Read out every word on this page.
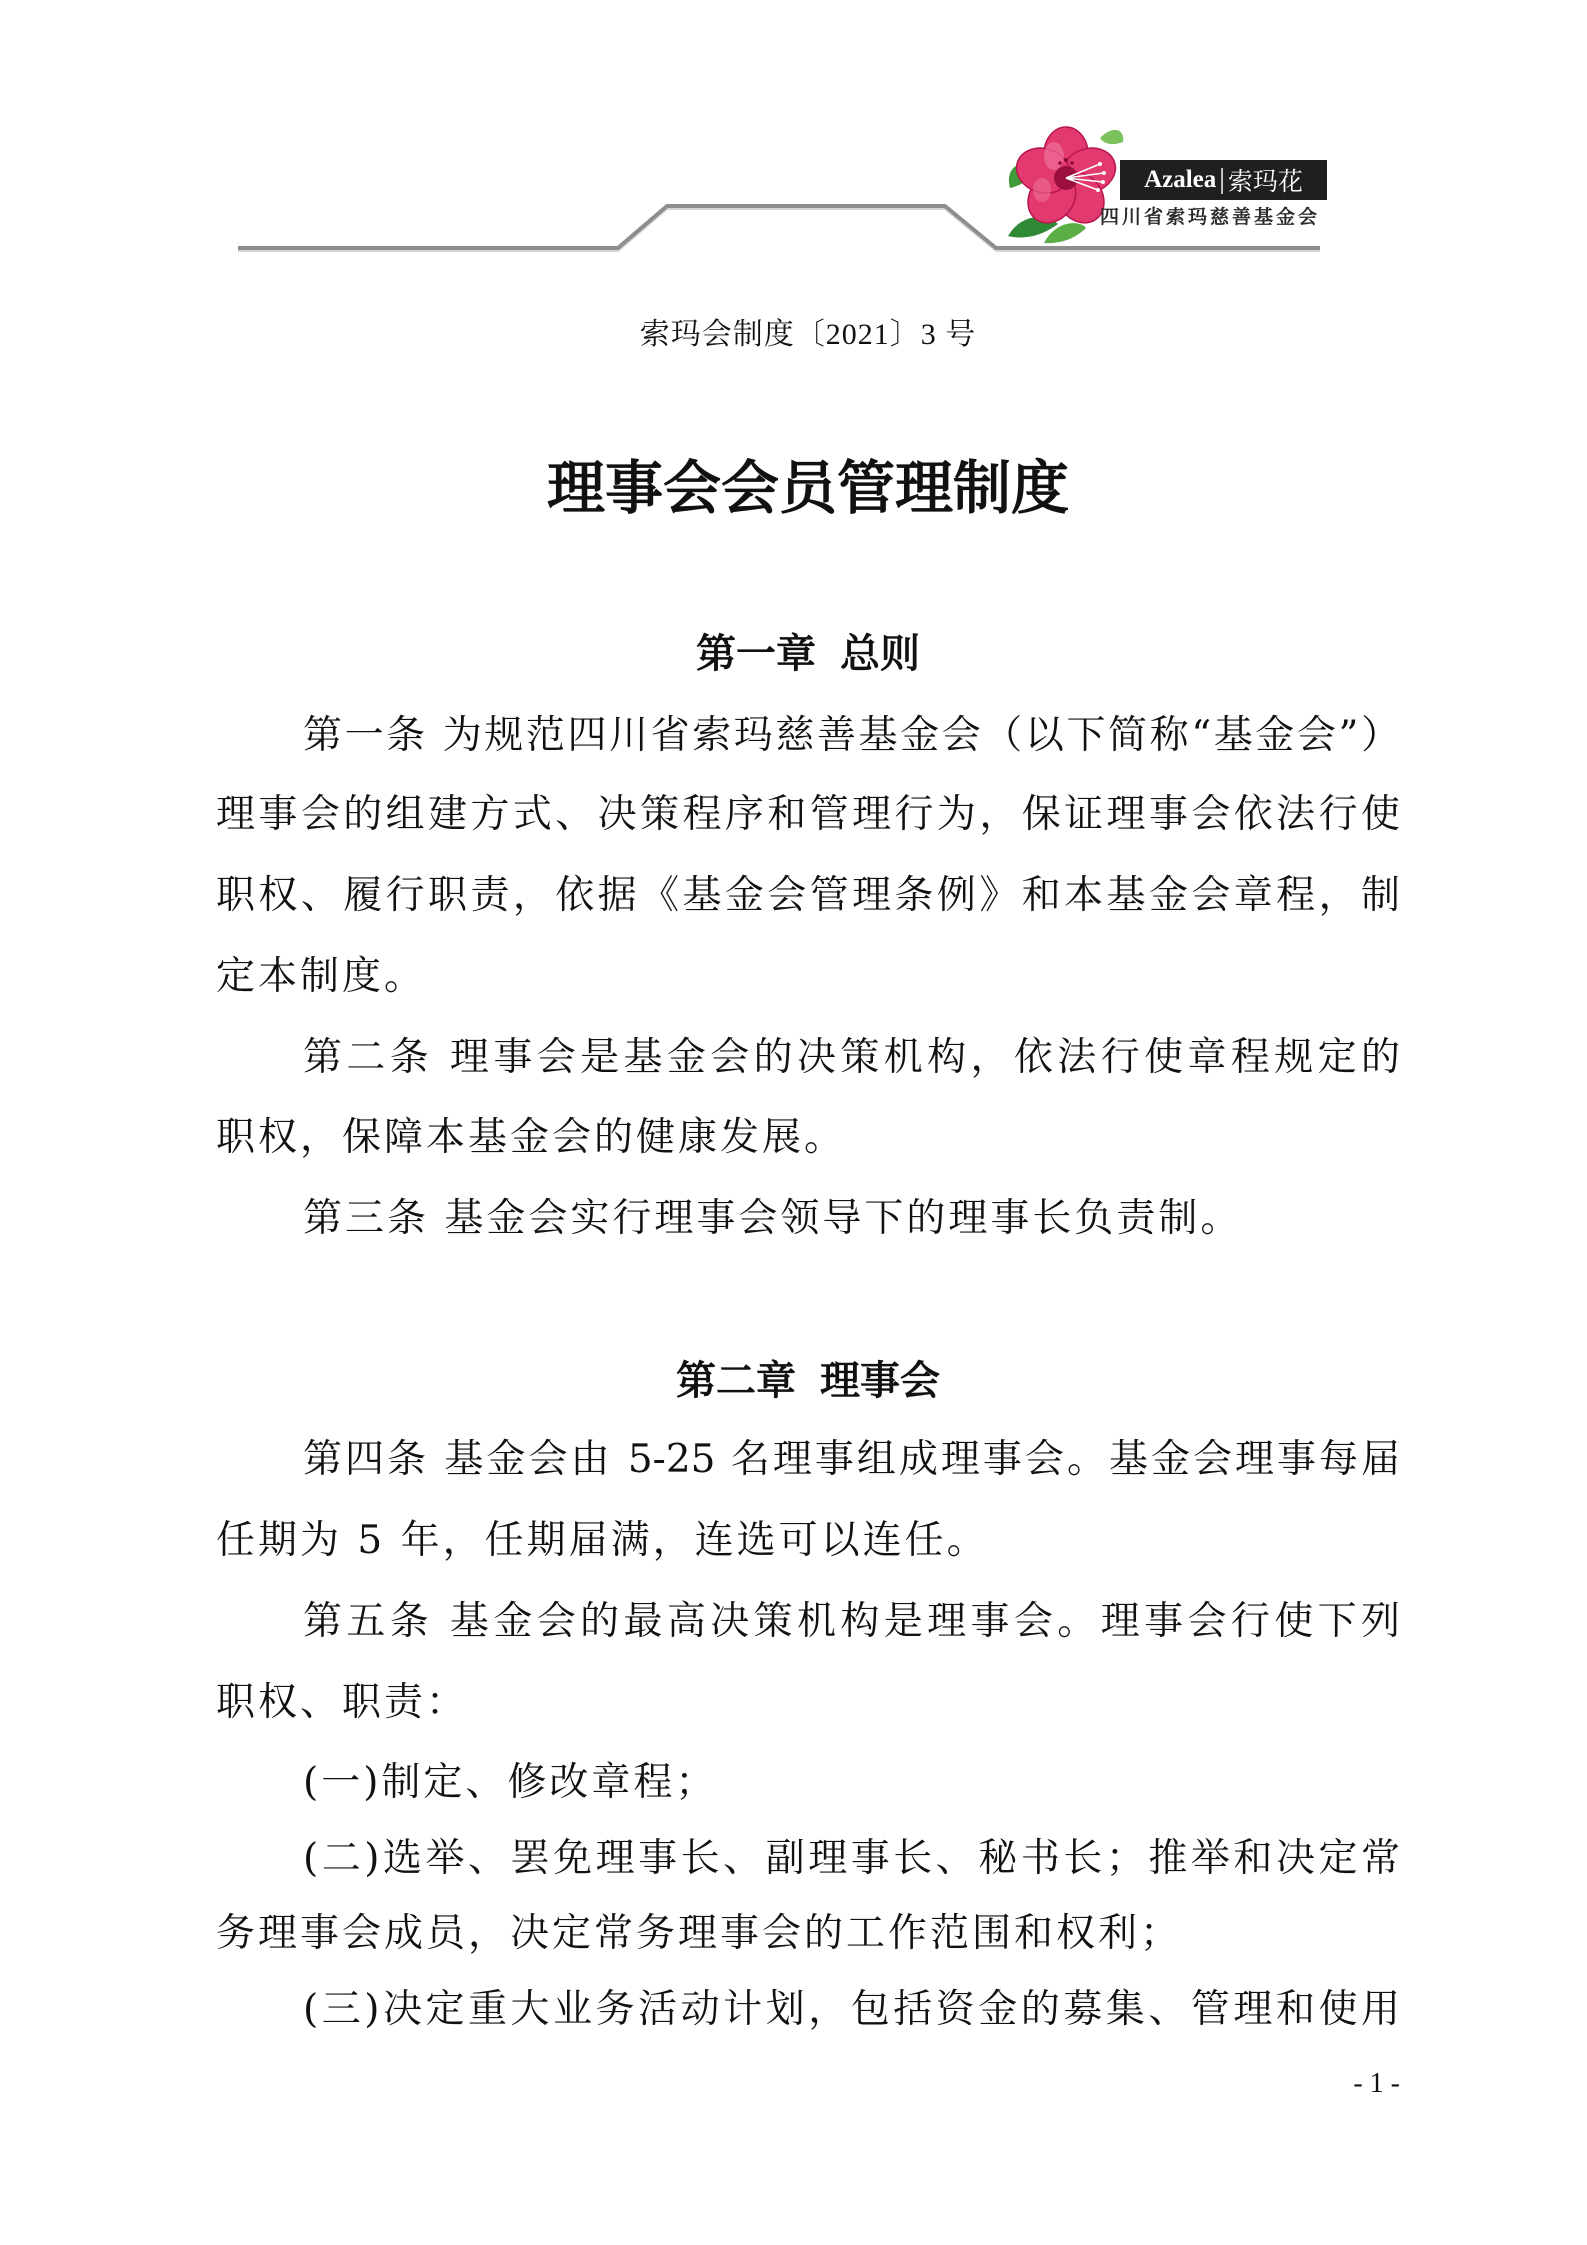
Azalea | 索玛花
四川省索玛慈善基金会
索玛会制度〔2021〕3 号
理事会会员管理制度
第一章 总则
第一条 为规范四川省索玛慈善基金会（以下简称“基金会”）
理事会的组建方式、决策程序和管理行为，保证理事会依法行使
职权、履行职责，依据《基金会管理条例》和本基金会章程，制
定本制度。
第二条 理事会是基金会的决策机构，依法行使章程规定的
职权，保障本基金会的健康发展。
第三条 基金会实行理事会领导下的理事长负责制。
第二章 理事会
第四条 基金会由 5-25 名理事组成理事会。基金会理事每届
任期为 5 年，任期届满，连选可以连任。
第五条 基金会的最高决策机构是理事会。理事会行使下列
职权、职责：
(一)制定、修改章程；
(二)选举、罢免理事长、副理事长、秘书长；推举和决定常
务理事会成员，决定常务理事会的工作范围和权利；
(三)决定重大业务活动计划，包括资金的募集、管理和使用
- 1 -
